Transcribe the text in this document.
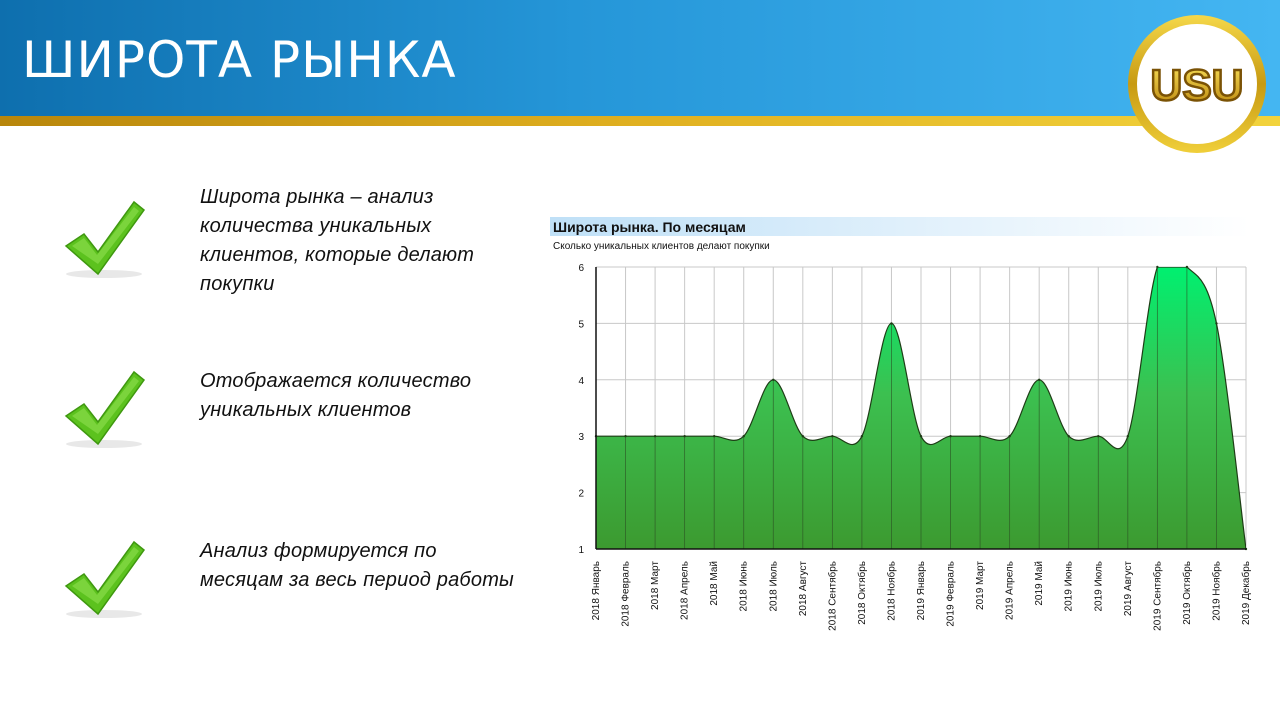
ШИРОТА РЫНКА	USU

Широта рынка – анализ количества уникальных клиентов, которые делают покупки

Отображается количество уникальных клиентов

Анализ формируется по месяцам за весь период работы

Широта рынка. По месяцам
Сколько уникальных клиентов делают покупки
1
2
3
4
5
6
2018 Январь 2018 Февраль 2018 Март 2018 Апрель 2018 Май 2018 Июнь 2018 Июль 2018 Август 2018 Сентябрь 2018 Октябрь 2018 Ноябрь 2019 Январь 2019 Февраль 2019 Март 2019 Апрель 2019 Май 2019 Июнь 2019 Июль 2019 Август 2019 Сентябрь 2019 Октябрь 2019 Ноябрь 2019 Декабрь
